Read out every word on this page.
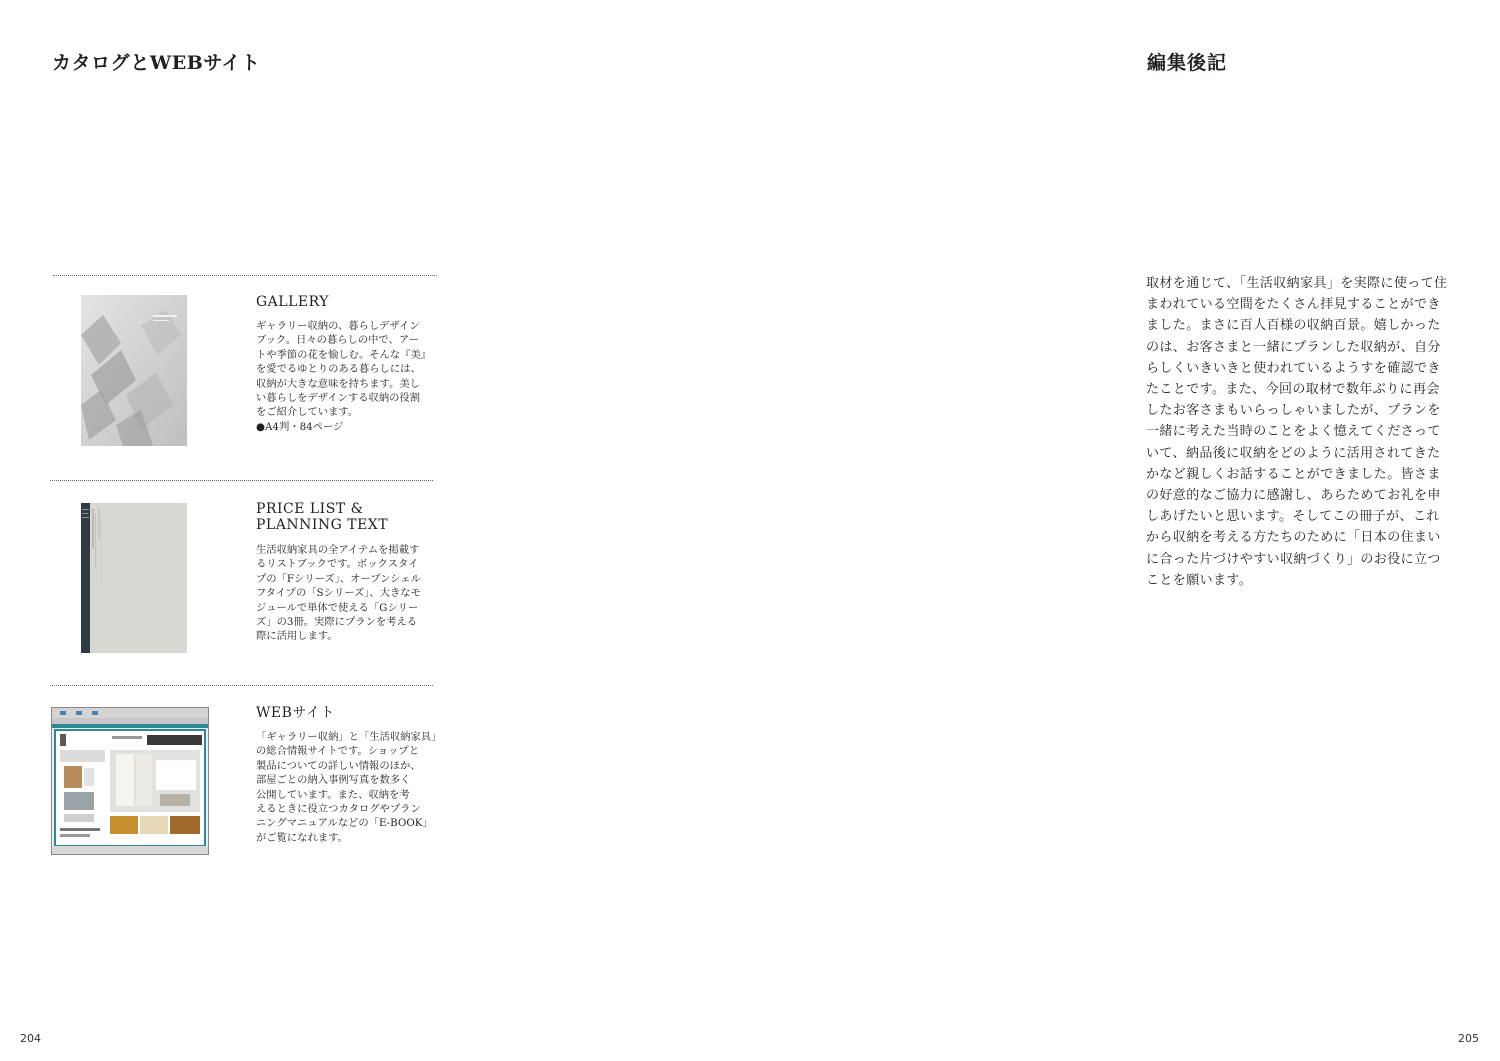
カタログとWEBサイト
GALLERY

ギャラリー収納の、暮らしデザイン

ブック。日々の暮らしの中で、アー

トや季節の花を愉しむ。そんな『美』

を愛でるゆとりのある暮らしには、

収納が大きな意味を持ちます。美し

い暮らしをデザインする収納の役割

をご紹介しています。

●A4判・84ページ

PRICE LIST &
PLANNING TEXT

生活収納家具の全アイテムを掲載す

るリストブックです。ボックスタイ

プの「Fシリーズ」、オープンシェル

フタイプの「Sシリーズ」、大きなモ

ジュールで単体で使える「Gシリー

ズ」の3冊。実際にプランを考える

際に活用します。

WEBサイト

「ギャラリー収納」と「生活収納家具」

の総合情報サイトです。ショップと

製品についての詳しい情報のほか、

部屋ごとの納入事例写真を数多く

公開しています。また、収納を考

えるときに役立つカタログやプラン

ニングマニュアルなどの「E-BOOK」

がご覧になれます。

204
編集後記
取材を通じて、「生活収納家具」を実際に使って住
まわれている空間をたくさん拝見することができ
ました。まさに百人百様の収納百景。嬉しかった
のは、お客さまと一緒にプランした収納が、自分
らしくいきいきと使われているようすを確認でき
たことです。また、今回の取材で数年ぶりに再会
したお客さまもいらっしゃいましたが、プランを
一緒に考えた当時のことをよく憶えてくださって
いて、納品後に収納をどのように活用されてきた
かなど親しくお話することができました。皆さま
の好意的なご協力に感謝し、あらためてお礼を申
しあげたいと思います。そしてこの冊子が、これ
から収納を考える方たちのために「日本の住まい
に合った片づけやすい収納づくり」のお役に立つ
ことを願います。
205
